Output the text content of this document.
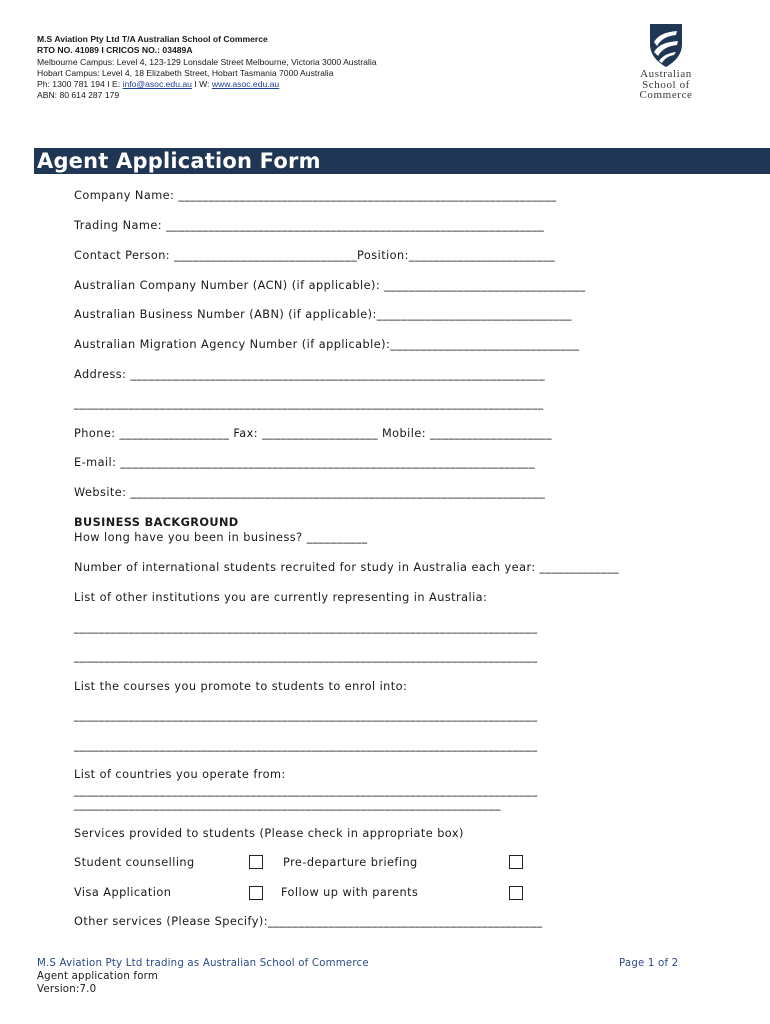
M.S Aviation Pty Ltd T/A Australian School of Commerce
RTO NO. 41089 I CRICOS NO.: 03489A
Melbourne Campus: Level 4, 123-129 Lonsdale Street Melbourne, Victoria 3000 Australia
Hobart Campus: Level 4, 18 Elizabeth Street, Hobart Tasmania 7000 Australia
Ph: 1300 781 194 I E: info@asoc.edu.au I W: www.asoc.edu.au
ABN: 80 614 287 179
Australian
School of
Commerce
Agent Application Form
Company Name: ______________________________________________________________
Trading Name: ______________________________________________________________
Contact Person: ______________________________Position:________________________
Australian Company Number (ACN) (if applicable): _________________________________
Australian Business Number (ABN) (if applicable):________________________________
Australian Migration Agency Number (if applicable):_______________________________
Address: ____________________________________________________________________
_____________________________________________________________________________
Phone: __________________ Fax: ___________________ Mobile: ____________________
E-mail: ____________________________________________________________________
Website: ____________________________________________________________________
BUSINESS BACKGROUND
How long have you been in business? __________
Number of international students recruited for study in Australia each year: _____________
List of other institutions you are currently representing in Australia:
____________________________________________________________________________
____________________________________________________________________________
List the courses you promote to students to enrol into:
____________________________________________________________________________
____________________________________________________________________________
List of countries you operate from:
____________________________________________________________________________
______________________________________________________________________
Services provided to students (Please check in appropriate box)
Student counselling	Pre-departure briefing
Visa Application	Follow up with parents
Other services (Please Specify):_____________________________________________
M.S Aviation Pty Ltd trading as Australian School of Commerce
Agent application form
Version:7.0
Page 1 of 2
